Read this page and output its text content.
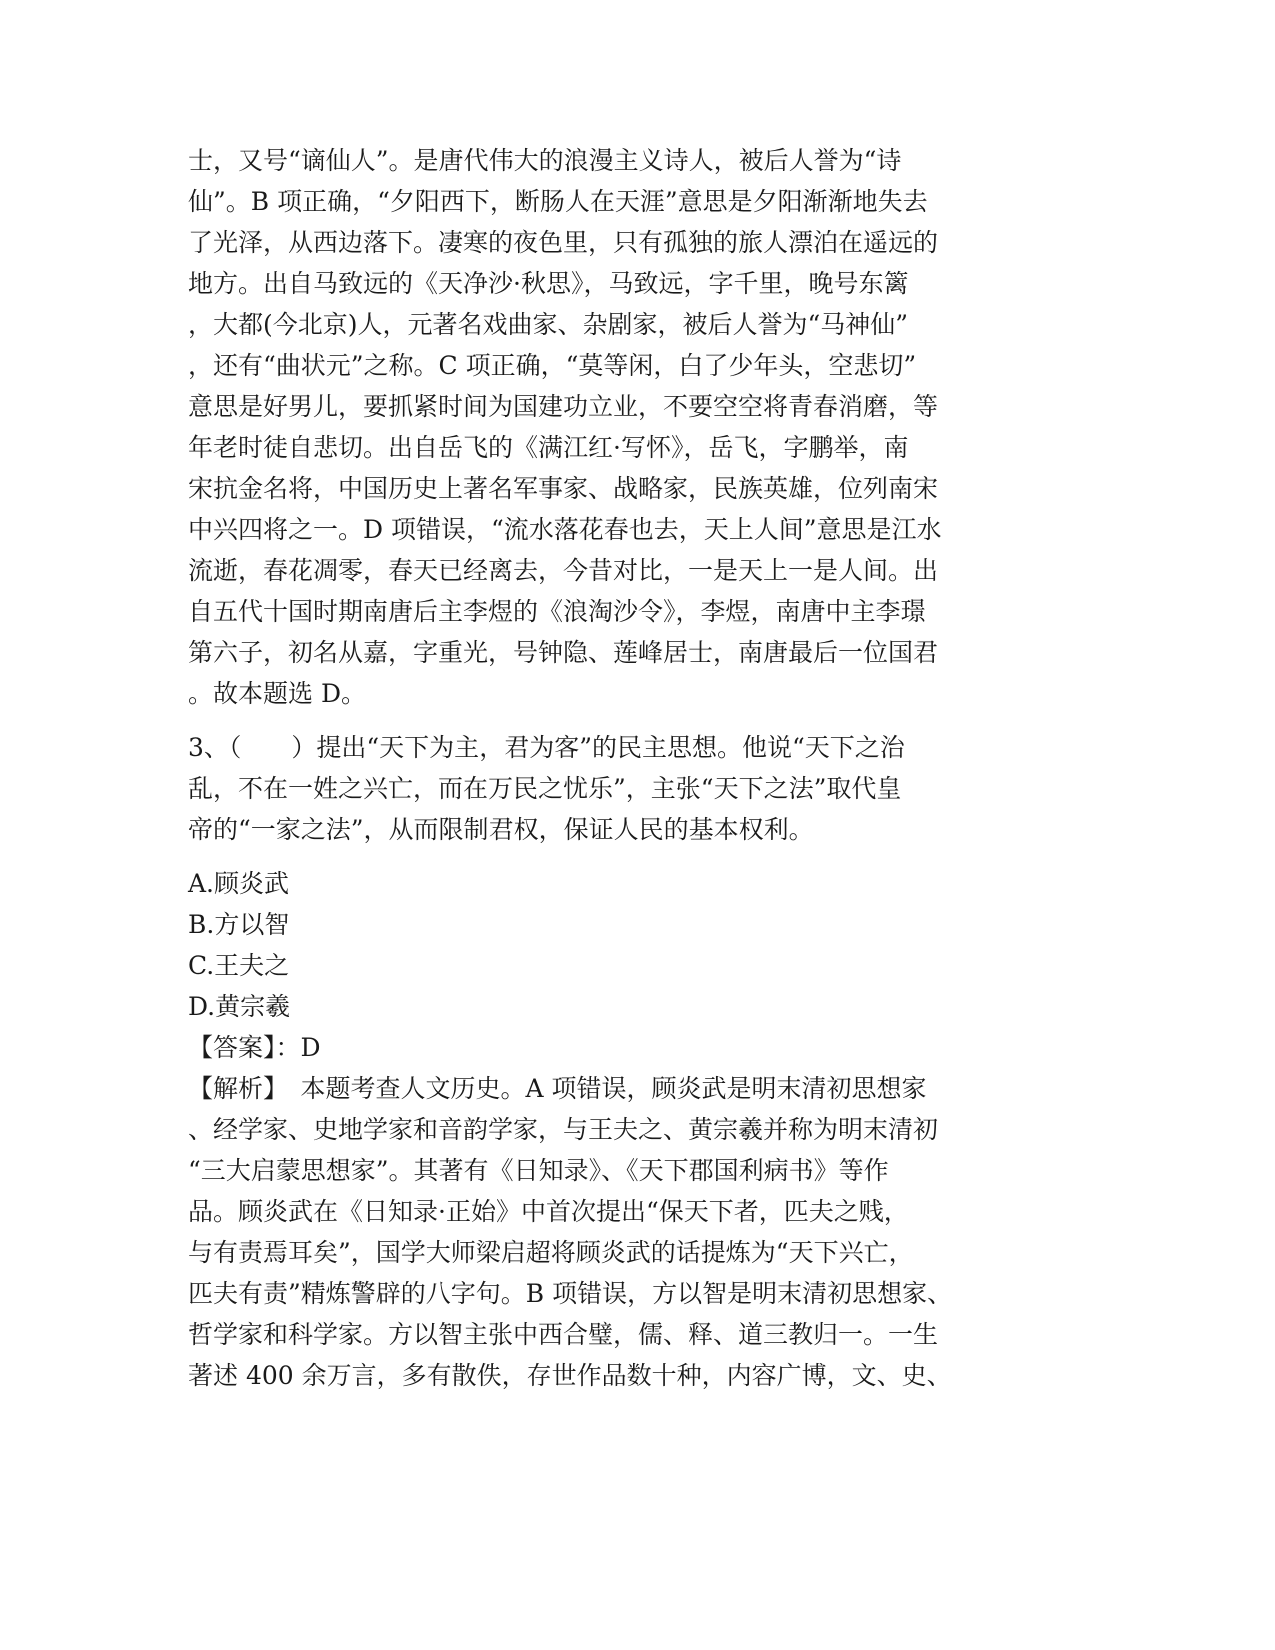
士，又号“谪仙人”。是唐代伟大的浪漫主义诗人，被后人誉为“诗
仙”。B 项正确，“夕阳西下，断肠人在天涯”意思是夕阳渐渐地失去
了光泽，从西边落下。凄寒的夜色里，只有孤独的旅人漂泊在遥远的
地方。出自马致远的《天净沙·秋思》，马致远，字千里，晚号东篱
，大都(今北京)人，元著名戏曲家、杂剧家，被后人誉为“马神仙”
，还有“曲状元”之称。C 项正确，“莫等闲，白了少年头，空悲切”
意思是好男儿，要抓紧时间为国建功立业，不要空空将青春消磨，等
年老时徒自悲切。出自岳飞的《满江红·写怀》，岳飞，字鹏举，南
宋抗金名将，中国历史上著名军事家、战略家，民族英雄，位列南宋
中兴四将之一。D 项错误，“流水落花春也去，天上人间”意思是江水
流逝，春花凋零，春天已经离去，今昔对比，一是天上一是人间。出
自五代十国时期南唐后主李煜的《浪淘沙令》，李煜，南唐中主李璟
第六子，初名从嘉，字重光，号钟隐、莲峰居士，南唐最后一位国君
。故本题选 D。
3、（　　）提出“天下为主，君为客”的民主思想。他说“天下之治
乱，不在一姓之兴亡，而在万民之忧乐”，主张“天下之法”取代皇
帝的“一家之法”，从而限制君权，保证人民的基本权利。
A.顾炎武
B.方以智
C.王夫之
D.黄宗羲
【答案】：D
【解析】　本题考查人文历史。A 项错误，顾炎武是明末清初思想家
、经学家、史地学家和音韵学家，与王夫之、黄宗羲并称为明末清初
“三大启蒙思想家”。其著有《日知录》、《天下郡国利病书》等作
品。顾炎武在《日知录·正始》中首次提出“保天下者，匹夫之贱，
与有责焉耳矣”，国学大师梁启超将顾炎武的话提炼为“天下兴亡，
匹夫有责”精炼警辟的八字句。B 项错误，方以智是明末清初思想家、
哲学家和科学家。方以智主张中西合璧，儒、释、道三教归一。一生
著述 400 余万言，多有散佚，存世作品数十种，内容广博，文、史、
